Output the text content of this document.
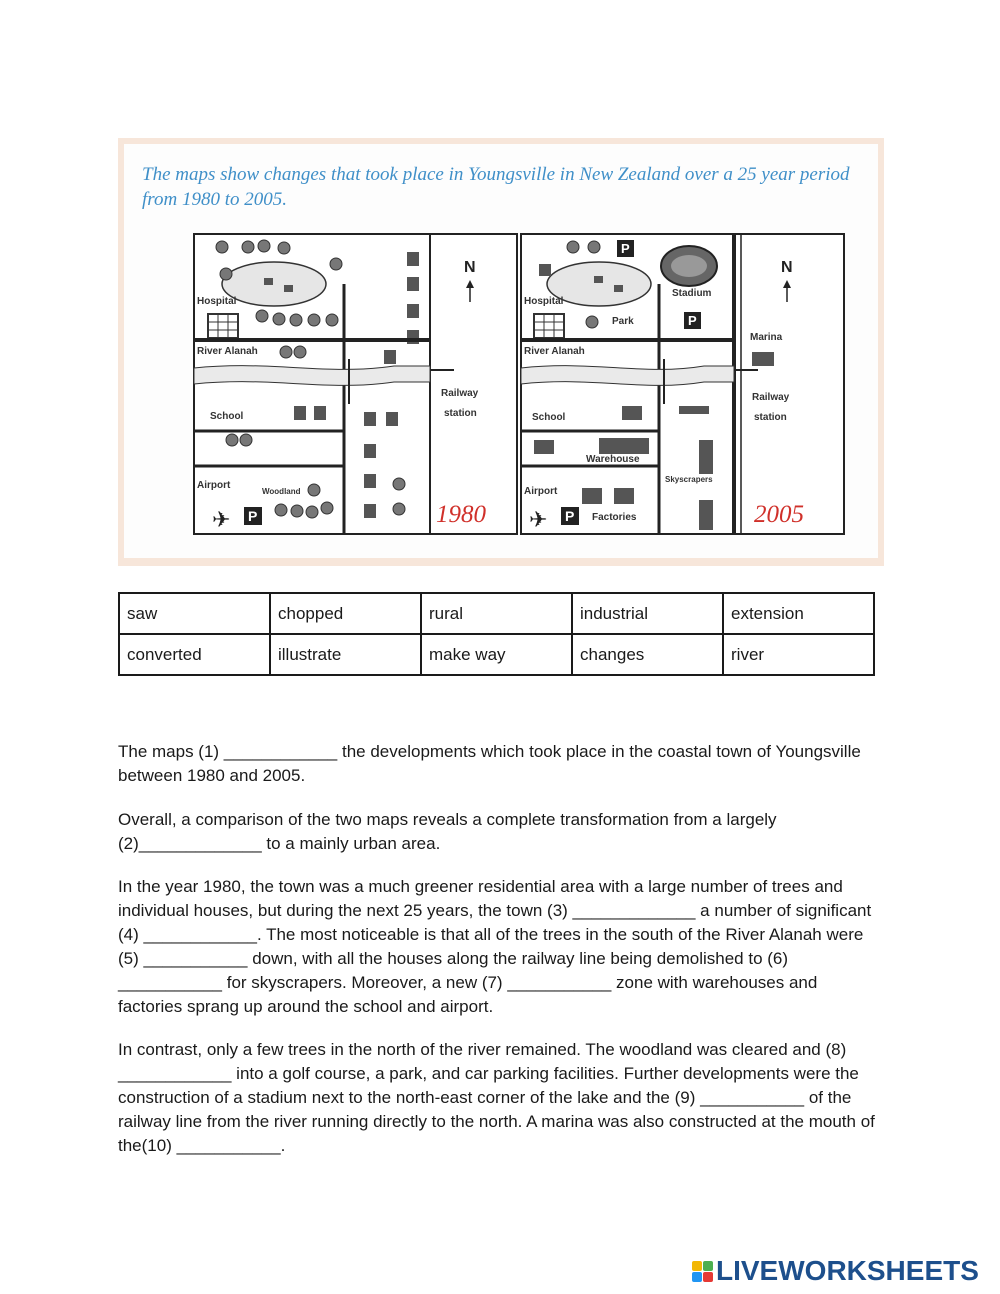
The maps show changes that took place in Youngsville in New Zealand over a 25 year period from 1980 to 2005.
✈ P
Hospital
River Alanah
School
Airport
Woodland
Railway
station
N
1980
P
P
✈ P
Hospital
Park
Stadium
Marina
River Alanah
School
Warehouse
Skyscrapers
Airport
Factories
Railway
station
N
2005
saw	chopped	rural	industrial	extension
converted	illustrate	make way	changes	river

The maps (1) ____________ the developments which took place in the coastal town of Youngsville between 1980 and 2005.

Overall, a comparison of the two maps reveals a complete transformation from a largely (2)_____________ to a mainly urban area.

In the year 1980, the town was a much greener residential area with a large number of trees and individual houses, but during the next 25 years, the town (3) _____________ a number of significant (4) ____________. The most noticeable is that all of the trees in the south of the River Alanah were (5) ___________ down, with all the houses along the railway line being demolished to (6) ___________ for skyscrapers. Moreover, a new (7) ___________ zone with warehouses and factories sprang up around the school and airport.

In contrast, only a few trees in the north of the river remained. The woodland was cleared and (8) ____________ into a golf course, a park, and car parking facilities. Further developments were the construction of a stadium next to the north-east corner of the lake and the (9) ___________ of the railway line from the river running directly to the north. A marina was also constructed at the mouth of the(10) ___________.

LIVEWORKSHEETS
